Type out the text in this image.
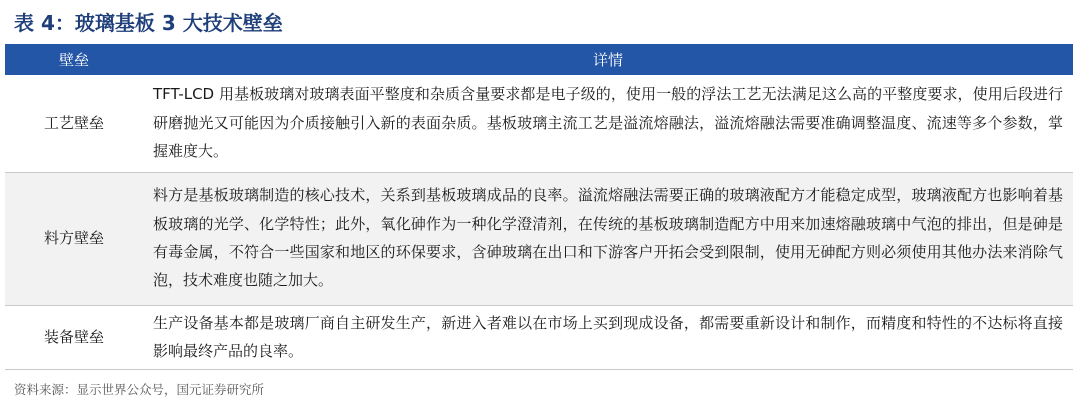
表 4：玻璃基板 3 大技术壁垒
壁垒	详情
工艺壁垒	TFT-LCD 用基板玻璃对玻璃表面平整度和杂质含量要求都是电子级的，使用一般的浮法工艺无法满足这么高的平整度要求，使用后段进行研磨抛光又可能因为介质接触引入新的表面杂质。基板玻璃主流工艺是溢流熔融法，溢流熔融法需要准确调整温度、流速等多个参数，掌握难度大。
料方壁垒	料方是基板玻璃制造的核心技术，关系到基板玻璃成品的良率。溢流熔融法需要正确的玻璃液配方才能稳定成型，玻璃液配方也影响着基板玻璃的光学、化学特性；此外，氧化砷作为一种化学澄清剂，在传统的基板玻璃制造配方中用来加速熔融玻璃中气泡的排出，但是砷是有毒金属，不符合一些国家和地区的环保要求，含砷玻璃在出口和下游客户开拓会受到限制，使用无砷配方则必须使用其他办法来消除气泡，技术难度也随之加大。
装备壁垒	生产设备基本都是玻璃厂商自主研发生产，新进入者难以在市场上买到现成设备，都需要重新设计和制作，而精度和特性的不达标将直接影响最终产品的良率。
资料来源：显示世界公众号，国元证券研究所
